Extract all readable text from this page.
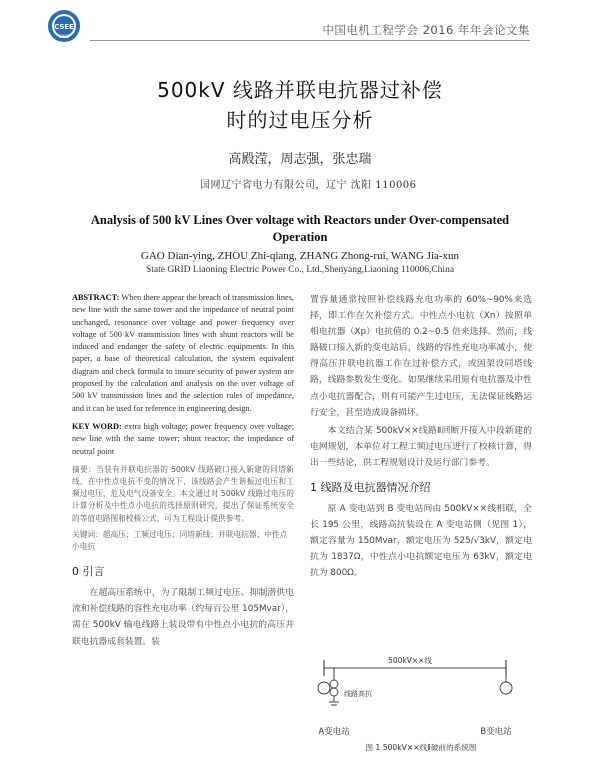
CSEE
2016	中国电机工程学会 2016 年年会论文集
500kV 线路并联电抗器过补偿
时的过电压分析
高殿滢，周志强，张忠瑞
国网辽宁省电力有限公司，辽宁 沈阳 110006
Analysis of 500 kV Lines Over voltage with Reactors under Over-compensated Operation
GAO Dian-ying, ZHOU Zhi-qiang, ZHANG Zhong-rui, WANG Jia-xun
State GRID Liaoning Electric Power Co., Ltd.,Shenyang,Liaoning 110006,China

ABSTRACT: When there appear the breach of transmission lines, new line with the same tower and the impedance of neutral point unchanged, resonance over voltage and power frequency over voltage of 500 kV transmission lines with shunt reactors will be induced and endanger the safety of electric equipments. In this paper, a base of theoretical calculation, the system equivalent diagram and check formula to insure security of power system are proposed by the calculation and analysis on the over voltage of 500 kV transmission lines and the selection rules of impedance, and it can be used for reference in engineering design.

KEY WORD: extra high voltage; power frequency over voltage; new line with the same tower; shunt reactor; the impedance of neutral point

摘要：当装有并联电抗器的 500kV 线路破口接入新建的同塔新线，在中性点电抗不变的情况下，该线路会产生谐振过电压和工频过电压，危及电气设备安全。本文通过对 500kV 线路过电压的计算分析及中性点小电抗的选择原则研究，提出了保证系统安全的等值电路图和校核公式，可为工程设计提供参考。

关键词：超高压；工频过电压；同塔新线；并联电抗器；中性点小电抗

0 引言

在超高压系统中，为了限制工频过电压、抑制潜供电流和补偿线路的容性充电功率（约每百公里 105Mvar），需在 500kV 输电线路上装设带有中性点小电抗的高压并联电抗器成套装置。装

置容量通常按照补偿线路充电功率的 60%~90%来选择，即工作在欠补偿方式。中性点小电抗（Xn）按照单相电抗器（Xp）电抗值的 0.2~0.5 倍来选择。然而，线路破口接入新的变电站后，线路的容性充电功率减小，使得高压并联电抗器工作在过补偿方式，或因架设同塔线路，线路参数发生变化。如果继续采用原有电抗器及中性点小电抗器配合，则有可能产生过电压，无法保证线路运行安全，甚至造成设备损坏。

本文结合某 500kV××线路Ⅱ回断开接入中段新建的电网规划，本单位对工程工频过电压进行了校核计算，得出一些结论，供工程规划设计及运行部门参考。

1 线路及电抗器情况介绍

原 A 变电站到 B 变电站间由 500kV××线相联，全长 195 公里，线路高抗装设在 A 变电站侧（见图 1），额定容量为 150Mvar，额定电压为 525/√3kV，额定电抗为 1837Ω，中性点小电抗额定电压为 63kV，额定电抗为 800Ω。

500kV××线
线路高抗
A变电站	B变电站
图 1 500kV××线Ⅱ破前的系统图
